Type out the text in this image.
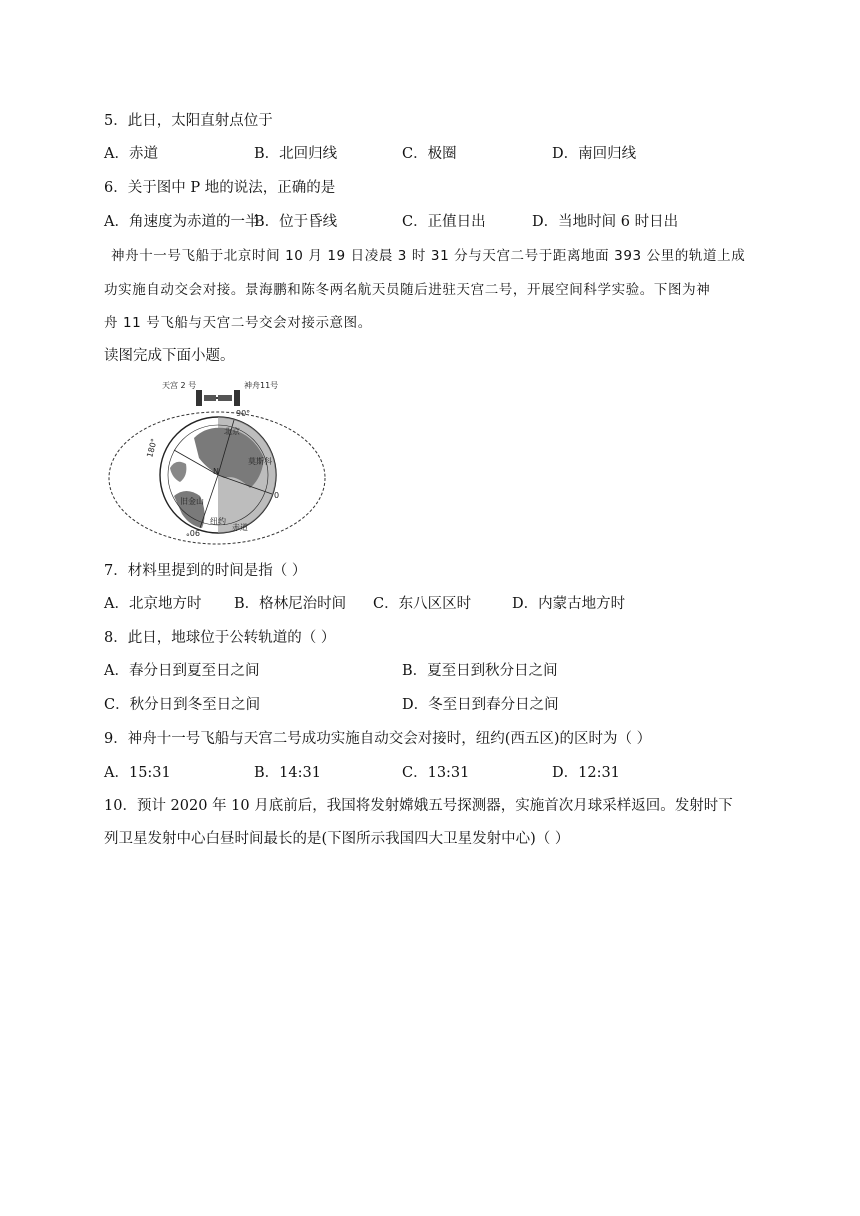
5．此日，太阳直射点位于
A．赤道	B．北回归线	C．极圈	D．南回归线
6．关于图中 P 地的说法，正确的是
A．角速度为赤道的一半
B．位于昏线	C．正值日出	D．当地时间 6 时日出
神舟十一号飞船于北京时间 10 月 19 日凌晨 3 时 31 分与天宫二号于距离地面 393 公里的轨道上成
功实施自动交会对接。景海鹏和陈冬两名航天员随后进驻天宫二号，开展空间科学实验。下图为神
舟 11 号飞船与天宫二号交会对接示意图。
读图完成下面小题。
天宫 2 号	神舟11号
90°
180°
90°
0
N
北京
莫斯科
旧金山
纽约
赤道
7．材料里提到的时间是指（ ）
A．北京地方时 B．格林尼治时间 C．东八区区时	D．内蒙古地方时
8．此日，地球位于公转轨道的（ ）
A．春分日到夏至日之间	B．夏至日到秋分日之间
C．秋分日到冬至日之间	D．冬至日到春分日之间
9．神舟十一号飞船与天宫二号成功实施自动交会对接时，纽约(西五区)的区时为（ ）
A．15:31	B．14:31	C．13:31	D．12:31
10．预计 2020 年 10 月底前后，我国将发射嫦娥五号探测器，实施首次月球采样返回。发射时下
列卫星发射中心白昼时间最长的是(下图所示我国四大卫星发射中心)（ ）
